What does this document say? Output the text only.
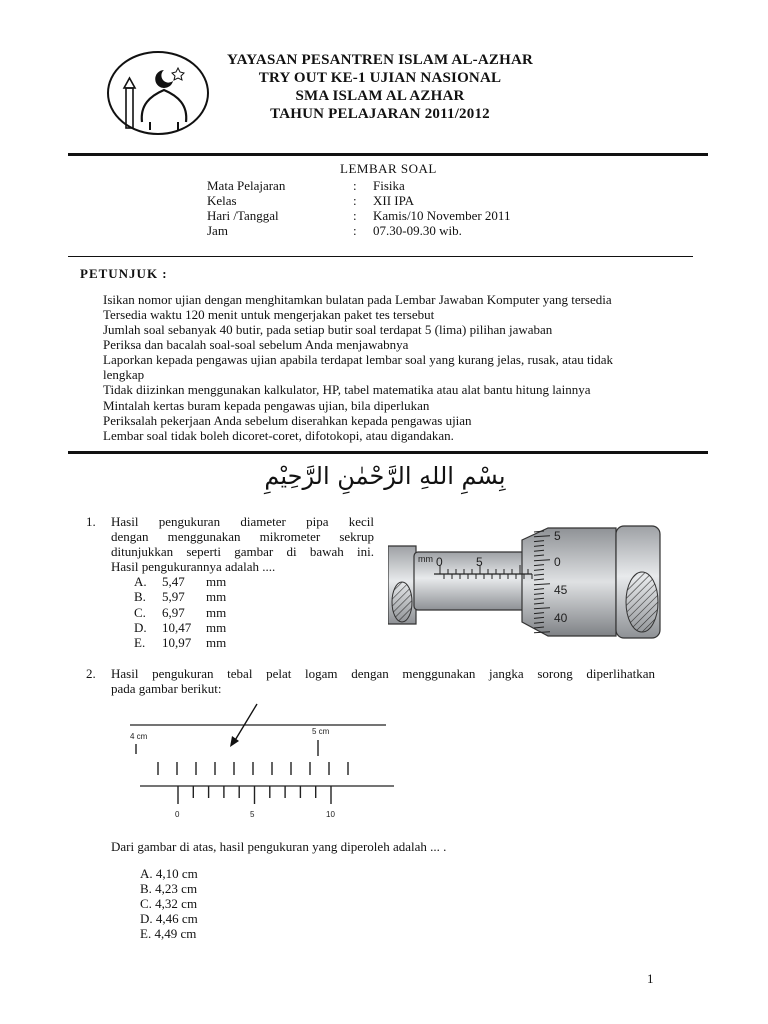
YAYASAN PESANTREN ISLAM AL-AZHAR
TRY OUT KE-1 UJIAN NASIONAL
SMA ISLAM AL AZHAR
TAHUN PELAJARAN 2011/2012
LEMBAR SOAL
Mata Pelajaran	: Fisika
Kelas	: XII IPA
Hari /Tanggal	: Kamis/10 November 2011
Jam	: 07.30-09.30 wib.
PETUNJUK :
Isikan nomor ujian dengan menghitamkan bulatan pada Lembar Jawaban Komputer yang tersedia
Tersedia waktu 120 menit untuk mengerjakan paket tes tersebut
Jumlah soal sebanyak 40 butir, pada setiap butir soal terdapat 5 (lima) pilihan jawaban
Periksa dan bacalah soal-soal sebelum Anda menjawabnya
Laporkan kepada pengawas ujian apabila terdapat lembar soal yang kurang jelas, rusak, atau tidak
lengkap
Tidak diizinkan menggunakan kalkulator, HP, tabel matematika atau alat bantu hitung lainnya
Mintalah kertas buram kepada pengawas ujian, bila diperlukan
Periksalah pekerjaan Anda sebelum diserahkan kepada pengawas ujian
Lembar soal tidak boleh dicoret-coret, difotokopi, atau digandakan.
بِسْمِ اللهِ الرَّحْمٰنِ الرَّحِيْمِ
1. Hasil pengukuran diameter pipa kecil
dengan menggunakan mikrometer sekrup
ditunjukkan seperti gambar di bawah ini.
Hasil pengukurannya adalah ....
A. 5,47 mm
B. 5,97 mm
C. 6,97 mm
D. 10,47 mm
E. 10,97 mm
mm 0	5
5
0
45
40
2. Hasil pengukuran tebal pelat logam dengan menggunakan jangka sorong diperlihatkan
pada gambar berikut:
4 cm
5 cm
0	5	10
Dari gambar di atas, hasil pengukuran yang diperoleh adalah ... .
A. 4,10 cm
B. 4,23 cm
C. 4,32 cm
D. 4,46 cm
E. 4,49 cm
1
